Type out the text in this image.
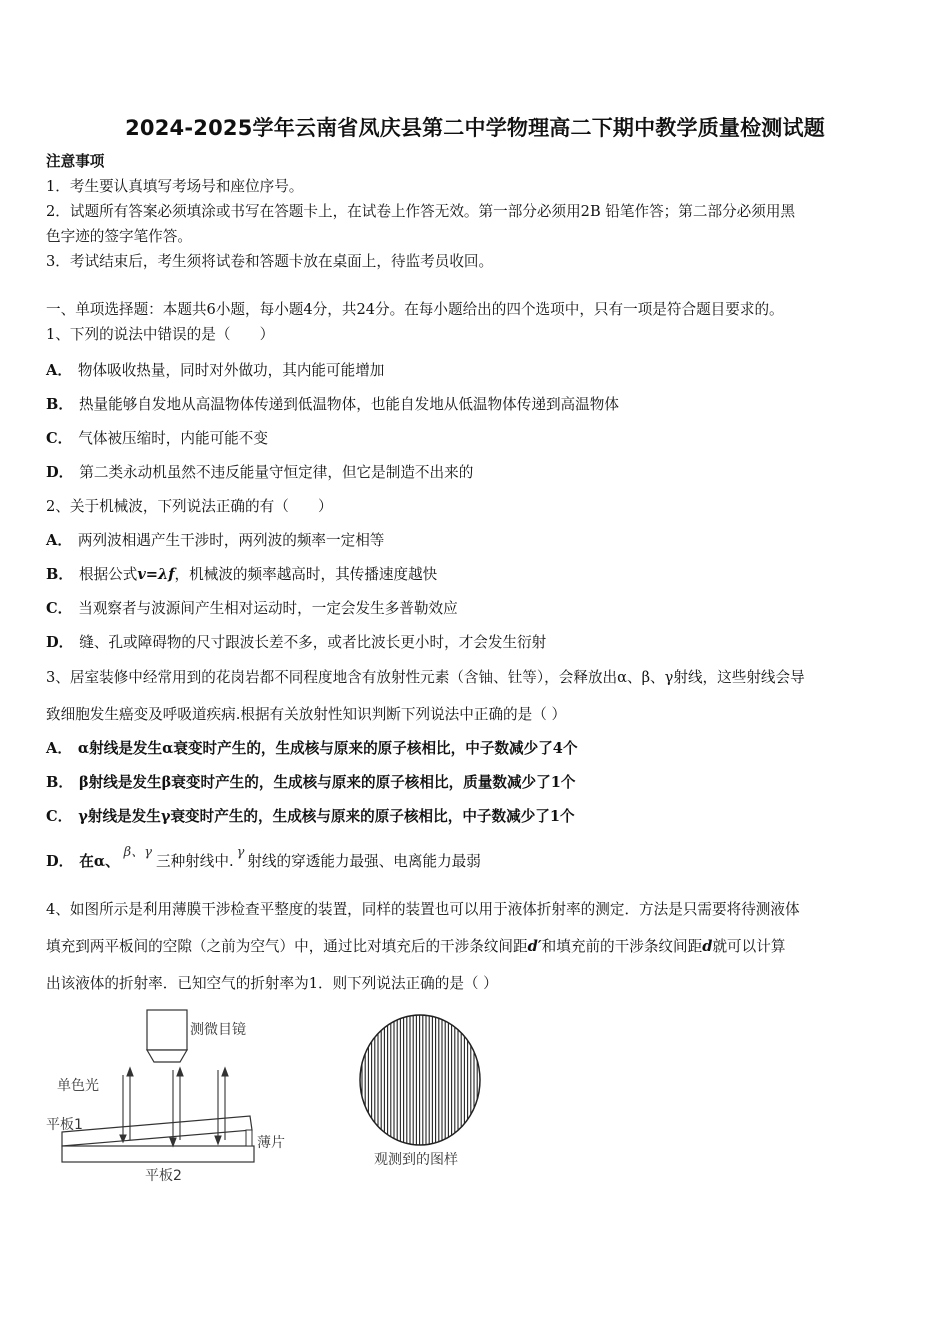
2024-2025学年云南省凤庆县第二中学物理高二下期中教学质量检测试题
注意事项
1．考生要认真填写考场号和座位序号。
2．试题所有答案必须填涂或书写在答题卡上，在试卷上作答无效。第一部分必须用2B 铅笔作答；第二部分必须用黑
色字迹的签字笔作答。
3．考试结束后，考生须将试卷和答题卡放在桌面上，待监考员收回。
一、单项选择题：本题共6小题，每小题4分，共24分。在每小题给出的四个选项中，只有一项是符合题目要求的。
1、下列的说法中错误的是（　　）
A． 物体吸收热量，同时对外做功，其内能可能增加
B． 热量能够自发地从高温物体传递到低温物体，也能自发地从低温物体传递到高温物体
C． 气体被压缩时，内能可能不变
D． 第二类永动机虽然不违反能量守恒定律，但它是制造不出来的
2、关于机械波，下列说法正确的有（　　）
A． 两列波相遇产生干涉时，两列波的频率一定相等
B． 根据公式v=λf，机械波的频率越高时，其传播速度越快
C． 当观察者与波源间产生相对运动时，一定会发生多普勒效应
D． 缝、孔或障碍物的尺寸跟波长差不多，或者比波长更小时，才会发生衍射
3、居室装修中经常用到的花岗岩都不同程度地含有放射性元素（含铀、钍等），会释放出α、β、γ射线，这些射线会导
致细胞发生癌变及呼吸道疾病.根据有关放射性知识判断下列说法中正确的是（ ）
A． α射线是发生α衰变时产生的，生成核与原来的原子核相比，中子数减少了4个
B． β射线是发生β衰变时产生的，生成核与原来的原子核相比，质量数减少了1个
C． γ射线是发生γ衰变时产生的，生成核与原来的原子核相比，中子数减少了1个
D． 在α、β、γ三种射线中.γ射线的穿透能力最强、电离能力最弱
4、如图所示是利用薄膜干涉检查平整度的装置，同样的装置也可以用于液体折射率的测定．方法是只需要将待测液体
填充到两平板间的空隙（之前为空气）中，通过比对填充后的干涉条纹间距d′和填充前的干涉条纹间距d就可以计算
出该液体的折射率．已知空气的折射率为1．则下列说法正确的是（ ）
测微目镜
单色光
平板1
薄片
平板2
观测到的图样
